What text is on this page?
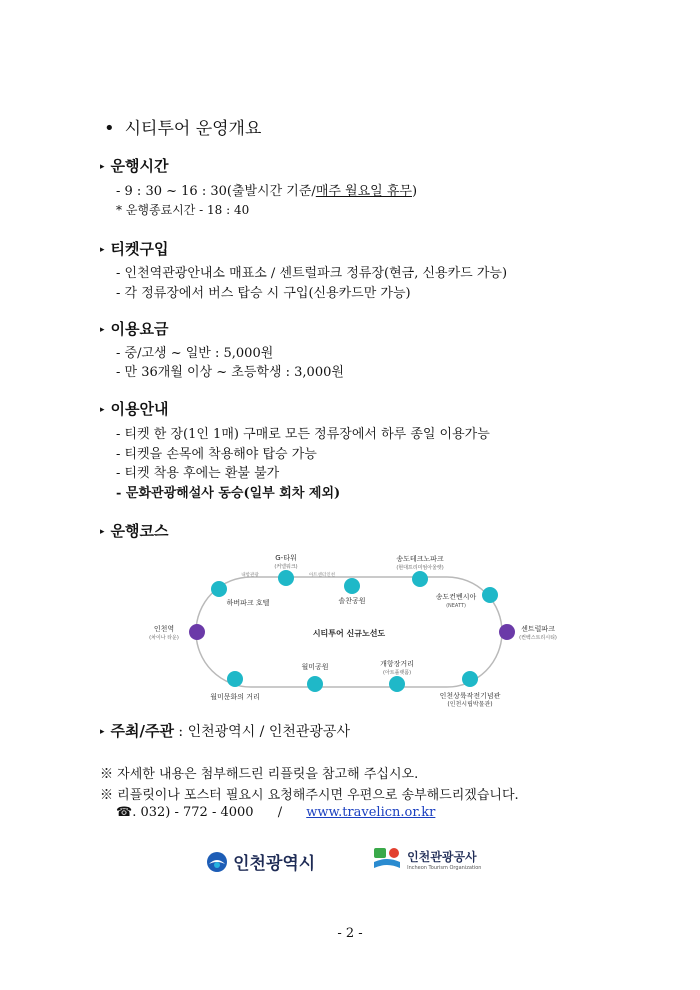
• 시티투어 운영개요
▸ 운행시간
- 9 : 30 ~ 16 : 30(출발시간 기준/매주 월요일 휴무)
* 운행종료시간 - 18 : 40
▸ 티켓구입
- 인천역관광안내소 매표소 / 센트럴파크 정류장(현금, 신용카드 가능)
- 각 정류장에서 버스 탑승 시 구입(신용카드만 가능)
▸ 이용요금
- 중/고생 ~ 일반 : 5,000원
- 만 36개월 이상 ~ 초등학생 : 3,000원
▸ 이용안내
- 티켓 한 장(1인 1매) 구매로 모든 정류장에서 하루 종일 이용가능
- 티켓을 손목에 착용해야 탑승 가능
- 티켓 착용 후에는 환불 불가
- 문화관광해설사 동승(일부 회차 제외)
▸ 운행코스
시티투어 신규노선도
G-타워
(커넬워크)
송도테크노파크
(현대프리미엄아울렛)
내항관광	아트센터인천
하버파크 호텔	솔찬공원	송도컨벤시아
(NEATT)
인천역
(차이나 타운)
센트럴파크
(컨벡스트리시티)
월미공원	개항장거리
(아트플랫폼)
월미문화의 거리	인천상륙작전기념관
(인천시립박물관)
▸ 주최/주관 : 인천광역시 / 인천관광공사
※ 자세한 내용은 첨부해드린 리플릿을 참고해 주십시오.
※ 리플릿이나 포스터 필요시 요청해주시면 우편으로 송부해드리겠습니다.
☎. 032) - 772 - 4000 / www.travelicn.or.kr
인천광역시
	인천관광공사
Incheon Tourism Organization
- 2 -
